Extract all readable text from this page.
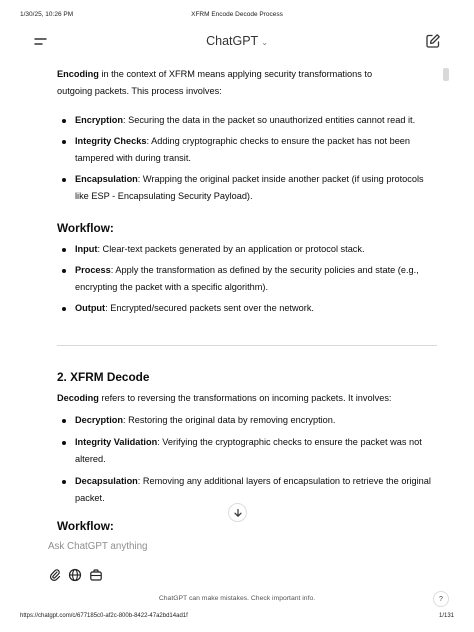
1/30/25, 10:26 PM	XFRM Encode Decode Process
ChatGPT ⌄

Encoding in the context of XFRM means applying security transformations to outgoing packets. This process involves:

Encryption: Securing the data in the packet so unauthorized entities cannot read it.
Integrity Checks: Adding cryptographic checks to ensure the packet has not been tampered with during transit.
Encapsulation: Wrapping the original packet inside another packet (if using protocols like ESP - Encapsulating Security Payload).
Workflow:
Input: Clear-text packets generated by an application or protocol stack.
Process: Apply the transformation as defined by the security policies and state (e.g., encrypting the packet with a specific algorithm).
Output: Encrypted/secured packets sent over the network.
2. XFRM Decode

Decoding refers to reversing the transformations on incoming packets. It involves:

Decryption: Restoring the original data by removing encryption.
Integrity Validation: Verifying the cryptographic checks to ensure the packet was not altered.
Decapsulation: Removing any additional layers of encapsulation to retrieve the original packet.
Workflow:
Ask ChatGPT anything
ChatGPT can make mistakes. Check important info.	?
https://chatgpt.com/c/677185c0-af2c-800b-8422-47a2bd14ad1f	1/131
